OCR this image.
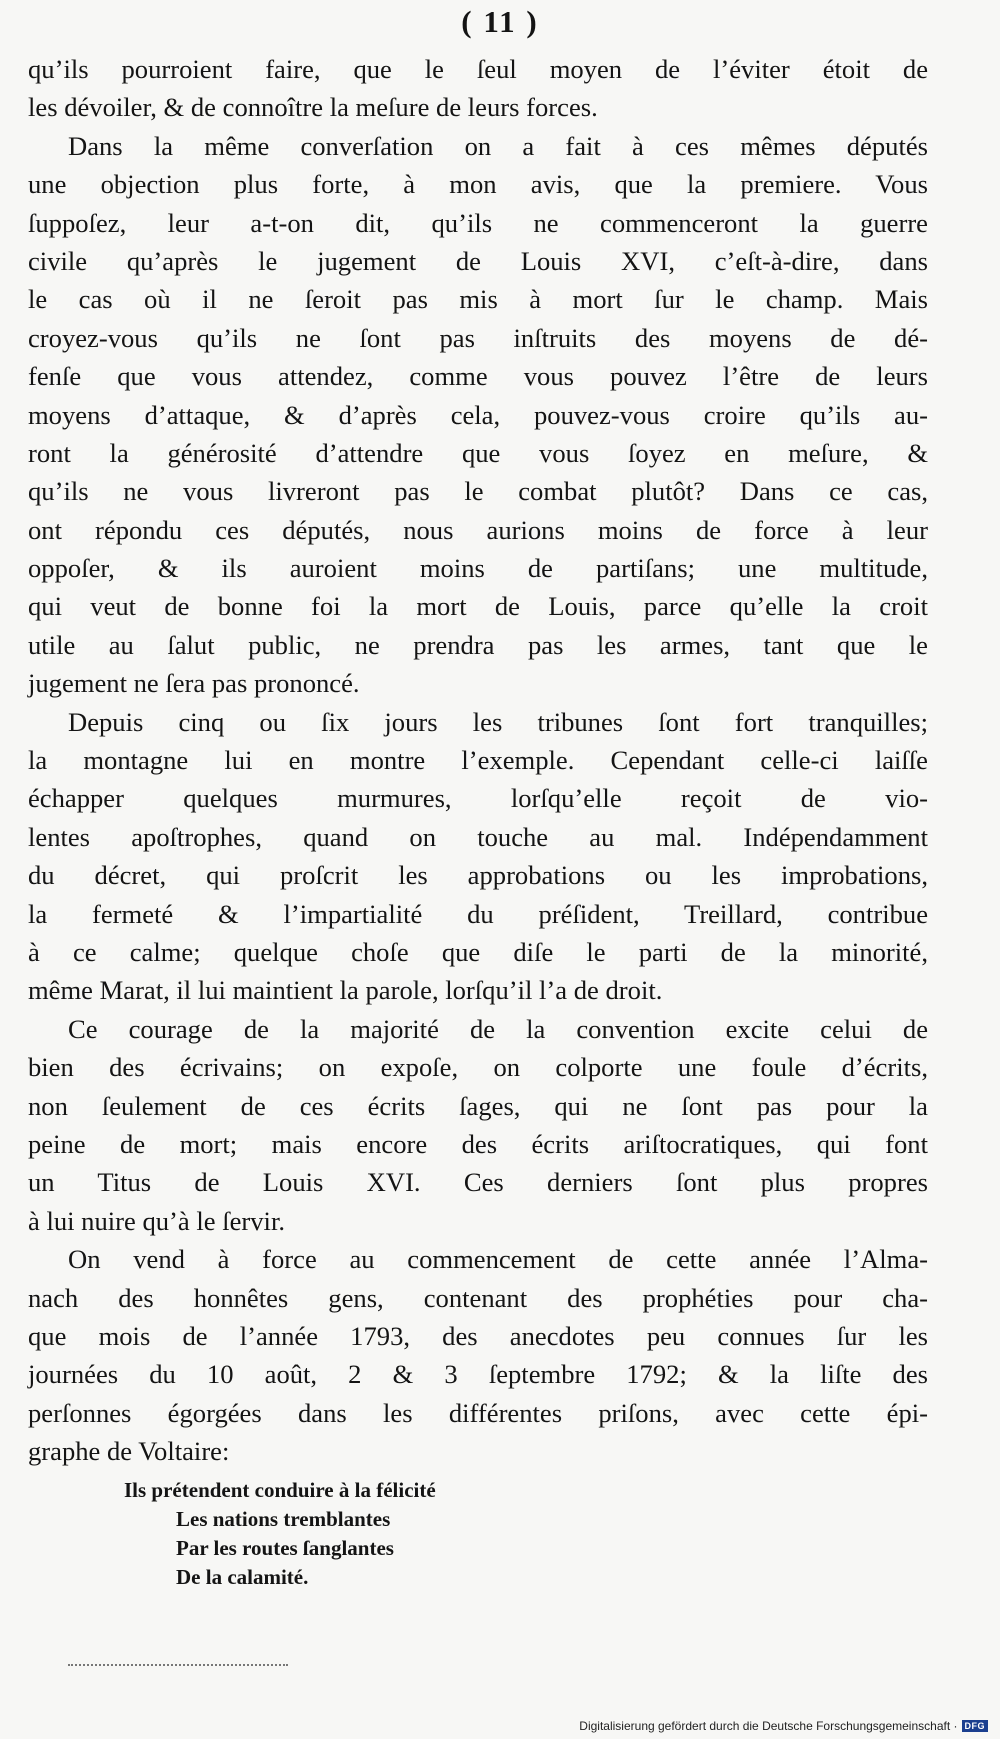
( 11 )
qu’ils pourroient faire, que le ſeul moyen de l’éviter étoit de
les dévoiler, & de connoître la meſure de leurs forces.
Dans la même converſation on a fait à ces mêmes députés
une objection plus forte, à mon avis, que la premiere. Vous
ſuppoſez, leur a-t-on dit, qu’ils ne commenceront la guerre
civile qu’après le jugement de Louis XVI, c’eſt-à-dire, dans
le cas où il ne ſeroit pas mis à mort ſur le champ. Mais
croyez-vous qu’ils ne ſont pas inſtruits des moyens de dé-
fenſe que vous attendez, comme vous pouvez l’être de leurs
moyens d’attaque, & d’après cela, pouvez-vous croire qu’ils au-
ront la générosité d’attendre que vous ſoyez en meſure, &
qu’ils ne vous livreront pas le combat plutôt? Dans ce cas,
ont répondu ces députés, nous aurions moins de force à leur
oppoſer, & ils auroient moins de partiſans; une multitude,
qui veut de bonne foi la mort de Louis, parce qu’elle la croit
utile au ſalut public, ne prendra pas les armes, tant que le
jugement ne ſera pas prononcé.
Depuis cinq ou ſix jours les tribunes ſont fort tranquilles;
la montagne lui en montre l’exemple. Cependant celle-ci laiſſe
échapper quelques murmures, lorſqu’elle reçoit de vio-
lentes apoſtrophes, quand on touche au mal. Indépendamment
du décret, qui proſcrit les approbations ou les improbations,
la fermeté & l’impartialité du préſident, Treillard, contribue
à ce calme; quelque choſe que diſe le parti de la minorité,
même Marat, il lui maintient la parole, lorſqu’il l’a de droit.
Ce courage de la majorité de la convention excite celui de
bien des écrivains; on expoſe, on colporte une foule d’écrits,
non ſeulement de ces écrits ſages, qui ne ſont pas pour la
peine de mort; mais encore des écrits ariſtocratiques, qui font
un Titus de Louis XVI. Ces derniers ſont plus propres
à lui nuire qu’à le ſervir.
On vend à force au commencement de cette année l’Alma-
nach des honnêtes gens, contenant des prophéties pour cha-
que mois de l’année 1793, des anecdotes peu connues ſur les
journées du 10 août, 2 & 3 ſeptembre 1792; & la liſte des
perſonnes égorgées dans les différentes priſons, avec cette épi-
graphe de Voltaire:
Ils prétendent conduire à la félicité
Les nations tremblantes
Par les routes ſanglantes
De la calamité.
Digitalisierung gefördert durch die Deutsche Forschungsgemeinschaft · DFG
